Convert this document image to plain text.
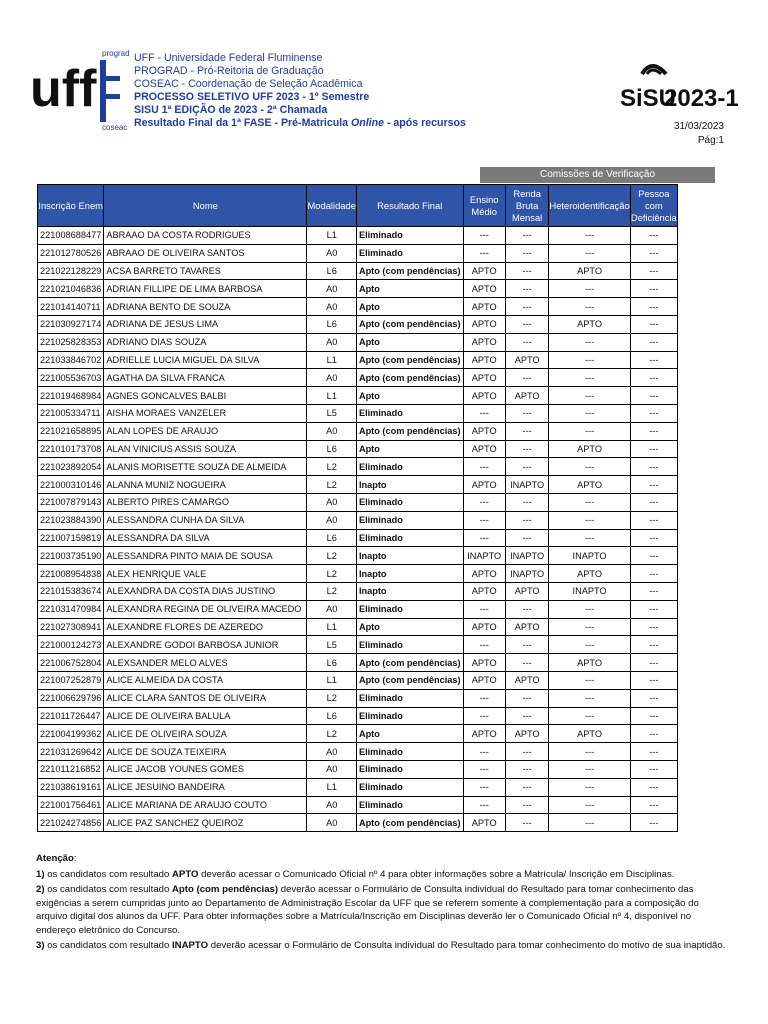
uff
prograd
coseac
UFF - Universidade Federal Fluminense
PROGRAD - Pró-Reitoria de Graduação
COSEAC - Coordenação de Seleção Acadêmica
PROCESSO SELETIVO UFF 2023 - 1º Semestre
SISU 1ª EDIÇÃO de 2023 - 2ª Chamada
Resultado Final da 1ª FASE - Pré-Matricula Online - após recursos
SiSU
2023-1
31/03/2023
Pág:1
Comissões de Verificação
Inscrição Enem	Nome	Modalidade	Resultado Final	Ensino Médio	Renda Bruta Mensal	Heteroidentificação	Pessoa com Deficiência
221008688477	ABRAAO DA COSTA RODRIGUES	L1	Eliminado	---	---	---	---
221012780526	ABRAAO DE OLIVEIRA SANTOS	A0	Eliminado	---	---	---	---
221022128229	ACSA BARRETO TAVARES	L6	Apto (com pendências)	APTO	---	APTO	---
221021046836	ADRIAN FILLIPE DE LIMA BARBOSA	A0	Apto	APTO	---	---	---
221014140711	ADRIANA BENTO DE SOUZA	A0	Apto	APTO	---	---	---
221030927174	ADRIANA DE JESUS LIMA	L6	Apto (com pendências)	APTO	---	APTO	---
221025828353	ADRIANO DIAS SOUZA	A0	Apto	APTO	---	---	---
221033846702	ADRIELLE LUCIA MIGUEL DA SILVA	L1	Apto (com pendências)	APTO	APTO	---	---
221005536703	AGATHA DA SILVA FRANCA	A0	Apto (com pendências)	APTO	---	---	---
221019468984	AGNES GONCALVES BALBI	L1	Apto	APTO	APTO	---	---
221005334711	AISHA MORAES VANZELER	L5	Eliminado	---	---	---	---
221021658895	ALAN LOPES DE ARAUJO	A0	Apto (com pendências)	APTO	---	---	---
221010173708	ALAN VINICIUS ASSIS SOUZA	L6	Apto	APTO	---	APTO	---
221023892054	ALANIS MORISETTE SOUZA DE ALMEIDA	L2	Eliminado	---	---	---	---
221000310146	ALANNA MUNIZ NOGUEIRA	L2	Inapto	APTO	INAPTO	APTO	---
221007879143	ALBERTO PIRES CAMARGO	A0	Eliminado	---	---	---	---
221023884390	ALESSANDRA CUNHA DA SILVA	A0	Eliminado	---	---	---	---
221007159819	ALESSANDRA DA SILVA	L6	Eliminado	---	---	---	---
221003735190	ALESSANDRA PINTO MAIA DE SOUSA	L2	Inapto	INAPTO	INAPTO	INAPTO	---
221008954838	ALEX HENRIQUE VALE	L2	Inapto	APTO	INAPTO	APTO	---
221015383674	ALEXANDRA DA COSTA DIAS JUSTINO	L2	Inapto	APTO	APTO	INAPTO	---
221031470984	ALEXANDRA REGINA DE OLIVEIRA MACEDO	A0	Eliminado	---	---	---	---
221027308941	ALEXANDRE FLORES DE AZEREDO	L1	Apto	APTO	APTO	---	---
221000124273	ALEXANDRE GODOI BARBOSA JUNIOR	L5	Eliminado	---	---	---	---
221006752804	ALEXSANDER MELO ALVES	L6	Apto (com pendências)	APTO	---	APTO	---
221007252879	ALICE ALMEIDA DA COSTA	L1	Apto (com pendências)	APTO	APTO	---	---
221006629796	ALICE CLARA SANTOS DE OLIVEIRA	L2	Eliminado	---	---	---	---
221011726447	ALICE DE OLIVEIRA BALULA	L6	Eliminado	---	---	---	---
221004199362	ALICE DE OLIVEIRA SOUZA	L2	Apto	APTO	APTO	APTO	---
221031269642	ALICE DE SOUZA TEIXEIRA	A0	Eliminado	---	---	---	---
221011216852	ALICE JACOB YOUNES GOMES	A0	Eliminado	---	---	---	---
221038619161	ALICE JESUINO BANDEIRA	L1	Eliminado	---	---	---	---
221001756461	ALICE MARIANA DE ARAUJO COUTO	A0	Eliminado	---	---	---	---
221024274856	ALICE PAZ SANCHEZ QUEIROZ	A0	Apto (com pendências)	APTO	---	---	---

Atenção:

1) os candidatos com resultado APTO deverão acessar o Comunicado Oficial nº 4 para obter informações sobre a Matrícula/ Inscrição em Disciplinas.

2) os candidatos com resultado Apto (com pendências) deverão acessar o Formulário de Consulta individual do Resultado para tomar conhecimento das exigências a serem cumpridas junto ao Departamento de Administração Escolar da UFF que se referem somente à complementação para a composição do arquivo digital dos alunos da UFF. Para obter informações sobre a Matrícula/Inscrição em Disciplinas deverão ler o Comunicado Oficial nº 4, disponível no endereço eletrônico do Concurso.

3) os candidatos com resultado INAPTO deverão acessar o Formulário de Consulta individual do Resultado para tomar conhecimento do motivo de sua inaptidão.
